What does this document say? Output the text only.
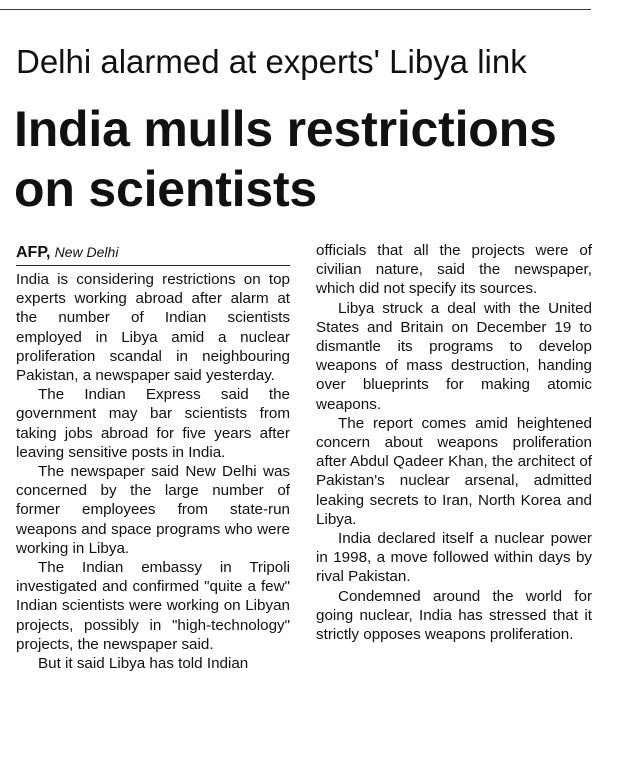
Delhi alarmed at experts' Libya link
India mulls restrictions
on scientists
AFP, New Delhi

India is considering restrictions on top experts working abroad after alarm at the number of Indian scientists employed in Libya amid a nuclear proliferation scandal in neighbouring Pakistan, a newspaper said yesterday.

The Indian Express said the government may bar scientists from taking jobs abroad for five years after leaving sensitive posts in India.

The newspaper said New Delhi was concerned by the large number of former employees from state-run weapons and space programs who were working in Libya.

The Indian embassy in Tripoli investigated and confirmed "quite a few" Indian scientists were working on Libyan projects, possibly in "high-technology" projects, the newspaper said.

But it said Libya has told Indian

officials that all the projects were of civilian nature, said the newspaper, which did not specify its sources.

Libya struck a deal with the United States and Britain on December 19 to dismantle its programs to develop weapons of mass destruction, handing over blueprints for making atomic weapons.

The report comes amid heightened concern about weapons proliferation after Abdul Qadeer Khan, the architect of Pakistan's nuclear arsenal, admitted leaking secrets to Iran, North Korea and Libya.

India declared itself a nuclear power in 1998, a move followed within days by rival Pakistan.

Condemned around the world for going nuclear, India has stressed that it strictly opposes weapons proliferation.
